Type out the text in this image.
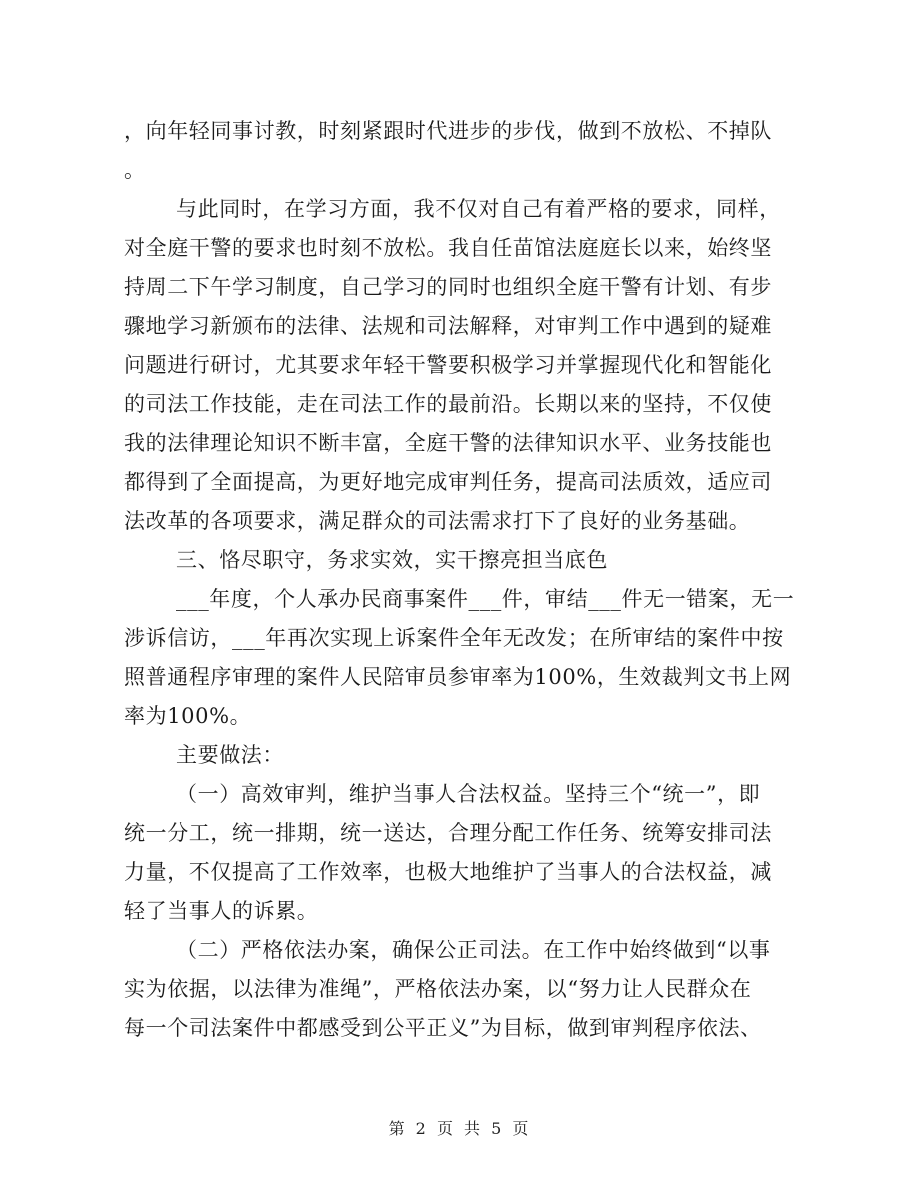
，向年轻同事讨教，时刻紧跟时代进步的步伐，做到不放松、不掉队
。
与此同时，在学习方面，我不仅对自己有着严格的要求，同样，
对全庭干警的要求也时刻不放松。我自任苗馆法庭庭长以来，始终坚
持周二下午学习制度，自己学习的同时也组织全庭干警有计划、有步
骤地学习新颁布的法律、法规和司法解释，对审判工作中遇到的疑难
问题进行研讨，尤其要求年轻干警要积极学习并掌握现代化和智能化
的司法工作技能，走在司法工作的最前沿。长期以来的坚持，不仅使
我的法律理论知识不断丰富，全庭干警的法律知识水平、业务技能也
都得到了全面提高，为更好地完成审判任务，提高司法质效，适应司
法改革的各项要求，满足群众的司法需求打下了良好的业务基础。
三、恪尽职守，务求实效，实干擦亮担当底色
___年度，个人承办民商事案件___件，审结___件无一错案，无一
涉诉信访，___年再次实现上诉案件全年无改发；在所审结的案件中按
照普通程序审理的案件人民陪审员参审率为100%，生效裁判文书上网
率为100%。
主要做法：
（一）高效审判，维护当事人合法权益。坚持三个“统一”，即
统一分工，统一排期，统一送达，合理分配工作任务、统筹安排司法
力量，不仅提高了工作效率，也极大地维护了当事人的合法权益，减
轻了当事人的诉累。
（二）严格依法办案，确保公正司法。在工作中始终做到“以事
实为依据，以法律为准绳”，严格依法办案，以“努力让人民群众在
每一个司法案件中都感受到公平正义”为目标，做到审判程序依法、
第 2 页 共 5 页
